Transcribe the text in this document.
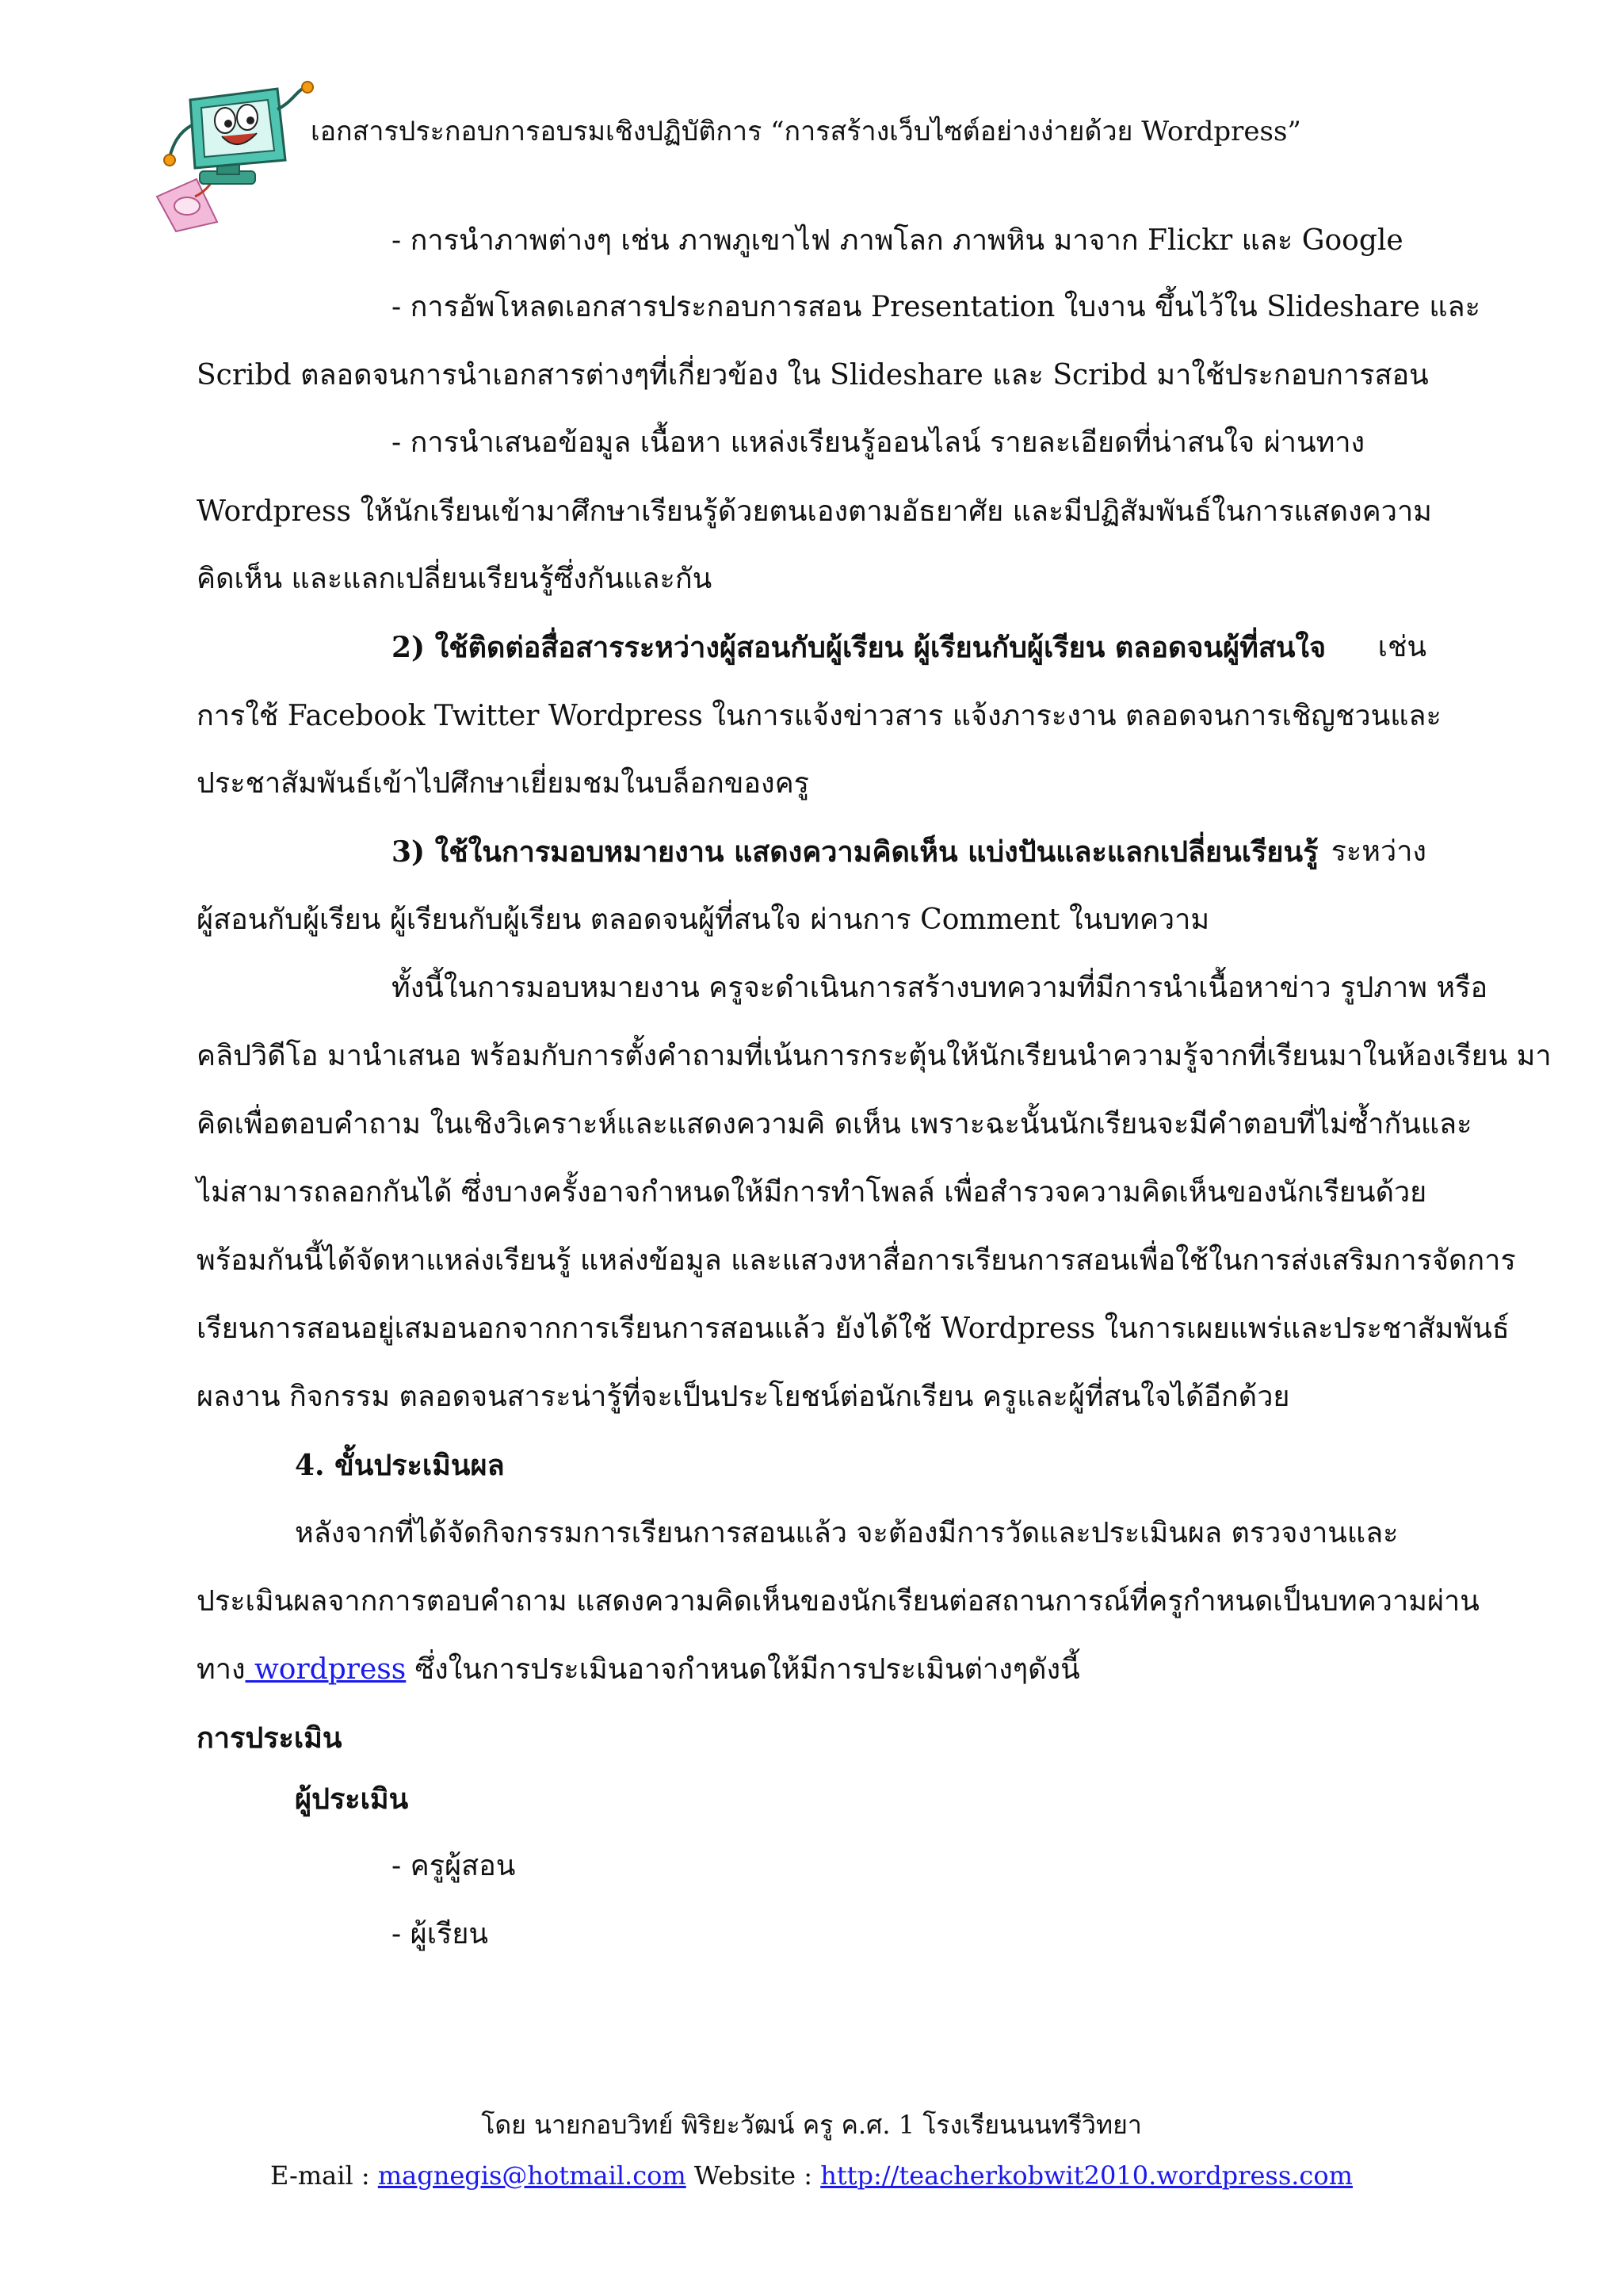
เอกสารประกอบการอบรมเชิงปฏิบัติการ “การสร้างเว็บไซต์อย่างง่ายด้วย Wordpress”
- การนำภาพต่างๆ เช่น ภาพภูเขาไฟ ภาพโลก ภาพหิน มาจาก Flickr และ Google
- การอัพโหลดเอกสารประกอบการสอน Presentation ใบงาน ขึ้นไว้ใน Slideshare และ
Scribd ตลอดจนการนำเอกสารต่างๆที่เกี่ยวข้อง ใน Slideshare และ Scribd มาใช้ประกอบการสอน
- การนำเสนอข้อมูล เนื้อหา แหล่งเรียนรู้ออนไลน์ รายละเอียดที่น่าสนใจ ผ่านทาง
Wordpress ให้นักเรียนเข้ามาศึกษาเรียนรู้ด้วยตนเองตามอัธยาศัย และมีปฏิสัมพันธ์ในการแสดงความ
คิดเห็น และแลกเปลี่ยนเรียนรู้ซึ่งกันและกัน
2) ใช้ติดต่อสื่อสารระหว่างผู้สอนกับผู้เรียน ผู้เรียนกับผู้เรียน ตลอดจนผู้ที่สนใจ เช่น
การใช้ Facebook Twitter Wordpress ในการแจ้งข่าวสาร แจ้งภาระงาน ตลอดจนการเชิญชวนและ
ประชาสัมพันธ์เข้าไปศึกษาเยี่ยมชมในบล็อกของครู
3) ใช้ในการมอบหมายงาน แสดงความคิดเห็น แบ่งปันและแลกเปลี่ยนเรียนรู้ ระหว่าง
ผู้สอนกับผู้เรียน ผู้เรียนกับผู้เรียน ตลอดจนผู้ที่สนใจ ผ่านการ Comment ในบทความ
ทั้งนี้ในการมอบหมายงาน ครูจะดำเนินการสร้างบทความที่มีการนำเนื้อหาข่าว รูปภาพ หรือ
คลิปวิดีโอ มานำเสนอ พร้อมกับการตั้งคำถามที่เน้นการกระตุ้นให้นักเรียนนำความรู้จากที่เรียนมาในห้องเรียน มา
คิดเพื่อตอบคำถาม ในเชิงวิเคราะห์และแสดงความคิ ดเห็น เพราะฉะนั้นนักเรียนจะมีคำตอบที่ไม่ซ้ำกันและ
ไม่สามารถลอกกันได้ ซึ่งบางครั้งอาจกำหนดให้มีการทำโพลล์ เพื่อสำรวจความคิดเห็นของนักเรียนด้วย
พร้อมกันนี้ได้จัดหาแหล่งเรียนรู้ แหล่งข้อมูล และแสวงหาสื่อการเรียนการสอนเพื่อใช้ในการส่งเสริมการจัดการ
เรียนการสอนอยู่เสมอนอกจากการเรียนการสอนแล้ว ยังได้ใช้ Wordpress ในการเผยแพร่และประชาสัมพันธ์
ผลงาน กิจกรรม ตลอดจนสาระน่ารู้ที่จะเป็นประโยชน์ต่อนักเรียน ครูและผู้ที่สนใจได้อีกด้วย
4. ขั้นประเมินผล
หลังจากที่ได้จัดกิจกรรมการเรียนการสอนแล้ว จะต้องมีการวัดและประเมินผล ตรวจงานและ
ประเมินผลจากการตอบคำถาม แสดงความคิดเห็นของนักเรียนต่อสถานการณ์ที่ครูกำหนดเป็นบทความผ่าน
ทาง wordpress ซึ่งในการประเมินอาจกำหนดให้มีการประเมินต่างๆดังนี้
การประเมิน
ผู้ประเมิน
- ครูผู้สอน
- ผู้เรียน
โดย นายกอบวิทย์ พิริยะวัฒน์ ครู ค.ศ. 1 โรงเรียนนนทรีวิทยา
E-mail : magnegis@hotmail.com Website : http://teacherkobwit2010.wordpress.com
